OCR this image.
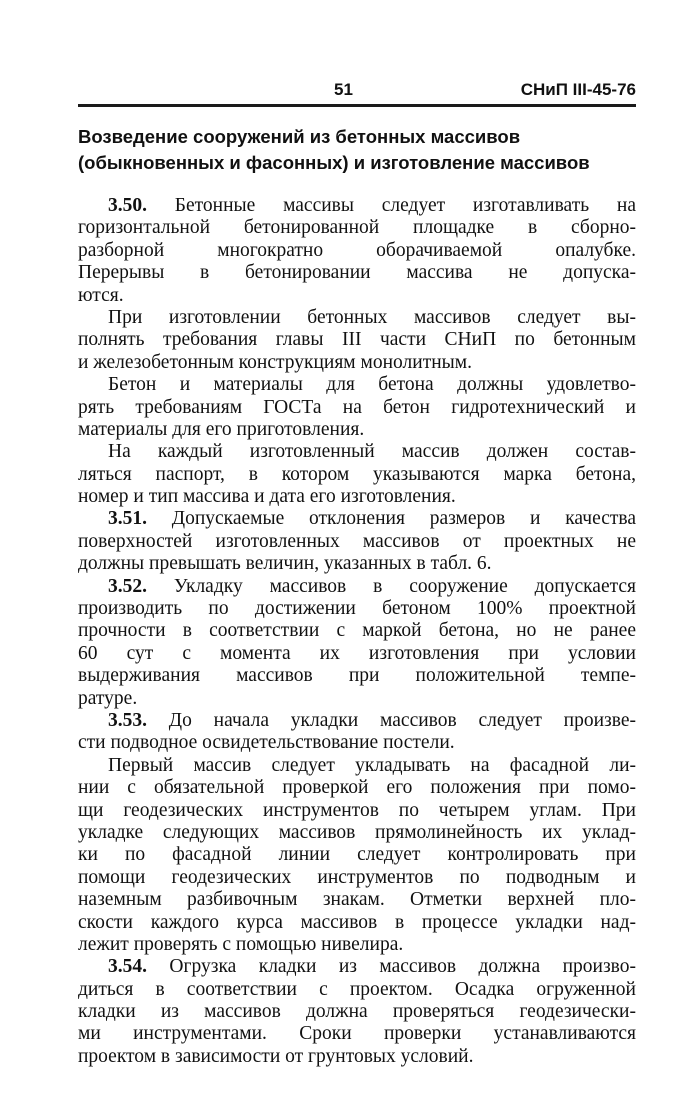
51	СНиП III-45-76
Возведение сооружений из бетонных массивов
(обыкновенных и фасонных) и изготовление массивов
3.50. Бетонные массивы следует изготавливать на
горизонтальной бетонированной площадке в сборно-
разборной многократно оборачиваемой опалубке.
Перерывы в бетонировании массива не допуска-
ются.
При изготовлении бетонных массивов следует вы-
полнять требования главы III части СНиП по бетонным
и железобетонным конструкциям монолитным.
Бетон и материалы для бетона должны удовлетво-
рять требованиям ГОСТа на бетон гидротехнический и
материалы для его приготовления.
На каждый изготовленный массив должен состав-
ляться паспорт, в котором указываются марка бетона,
номер и тип массива и дата его изготовления.
3.51. Допускаемые отклонения размеров и качества
поверхностей изготовленных массивов от проектных не
должны превышать величин, указанных в табл. 6.
3.52. Укладку массивов в сооружение допускается
производить по достижении бетоном 100% проектной
прочности в соответствии с маркой бетона, но не ранее
60 сут с момента их изготовления при условии
выдерживания массивов при положительной темпе-
ратуре.
3.53. До начала укладки массивов следует произве-
сти подводное освидетельствование постели.
Первый массив следует укладывать на фасадной ли-
нии с обязательной проверкой его положения при помо-
щи геодезических инструментов по четырем углам. При
укладке следующих массивов прямолинейность их уклад-
ки по фасадной линии следует контролировать при
помощи геодезических инструментов по подводным и
наземным разбивочным знакам. Отметки верхней пло-
скости каждого курса массивов в процессе укладки над-
лежит проверять с помощью нивелира.
3.54. Огрузка кладки из массивов должна произво-
диться в соответствии с проектом. Осадка огруженной
кладки из массивов должна проверяться геодезически-
ми инструментами. Сроки проверки устанавливаются
проектом в зависимости от грунтовых условий.
